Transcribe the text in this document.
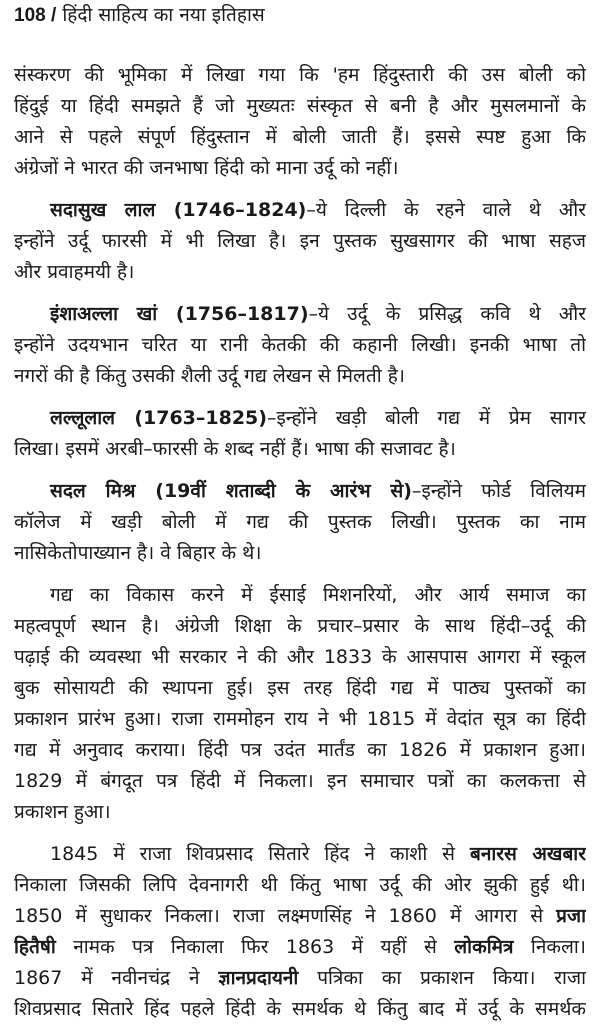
108 / हिंदी साहित्य का नया इतिहास
संस्करण की भूमिका में लिखा गया कि 'हम हिंदुस्तारी की उस बोली को
हिंदुई या हिंदी समझते हैं जो मुख्यतः संस्कृत से बनी है और मुसलमानों के
आने से पहले संपूर्ण हिंदुस्तान में बोली जाती हैं। इससे स्पष्ट हुआ कि
अंग्रेजों ने भारत की जनभाषा हिंदी को माना उर्दू को नहीं।
सदासुख लाल (1746–1824)–ये दिल्ली के रहने वाले थे और
इन्होंने उर्दू फारसी में भी लिखा है। इन पुस्तक सुखसागर की भाषा सहज
और प्रवाहमयी है।
इंशाअल्ला खां (1756–1817)–ये उर्दू के प्रसिद्ध कवि थे और
इन्होंने उदयभान चरित या रानी केतकी की कहानी लिखी। इनकी भाषा तो
नगरों की है किंतु उसकी शैली उर्दू गद्य लेखन से मिलती है।
लल्लूलाल (1763–1825)–इन्होंने खड़ी बोली गद्य में प्रेम सागर
लिखा। इसमें अरबी–फारसी के शब्द नहीं हैं। भाषा की सजावट है।
सदल मिश्र (19वीं शताब्दी के आरंभ से)–इन्होंने फोर्ड विलियम
कॉलेज में खड़ी बोली में गद्य की पुस्तक लिखी। पुस्तक का नाम
नासिकेतोपाख्यान है। वे बिहार के थे।
गद्य का विकास करने में ईसाई मिशनरियों, और आर्य समाज का
महत्वपूर्ण स्थान है। अंग्रेजी शिक्षा के प्रचार–प्रसार के साथ हिंदी–उर्दू की
पढ़ाई की व्यवस्था भी सरकार ने की और 1833 के आसपास आगरा में स्कूल
बुक सोसायटी की स्थापना हुई। इस तरह हिंदी गद्य में पाठ्य पुस्तकों का
प्रकाशन प्रारंभ हुआ। राजा राममोहन राय ने भी 1815 में वेदांत सूत्र का हिंदी
गद्य में अनुवाद कराया। हिंदी पत्र उदंत मार्तंड का 1826 में प्रकाशन हुआ।
1829 में बंगदूत पत्र हिंदी में निकला। इन समाचार पत्रों का कलकत्ता से
प्रकाशन हुआ।
1845 में राजा शिवप्रसाद सितारे हिंद ने काशी से बनारस अखबार
निकाला जिसकी लिपि देवनागरी थी किंतु भाषा उर्दू की ओर झुकी हुई थी।
1850 में सुधाकर निकला। राजा लक्ष्मणसिंह ने 1860 में आगरा से प्रजा
हितैषी नामक पत्र निकाला फिर 1863 में यहीं से लोकमित्र निकला।
1867 में नवीनचंद्र ने ज्ञानप्रदायनी पत्रिका का प्रकाशन किया। राजा
शिवप्रसाद सितारे हिंद पहले हिंदी के समर्थक थे किंतु बाद में उर्दू के समर्थक
